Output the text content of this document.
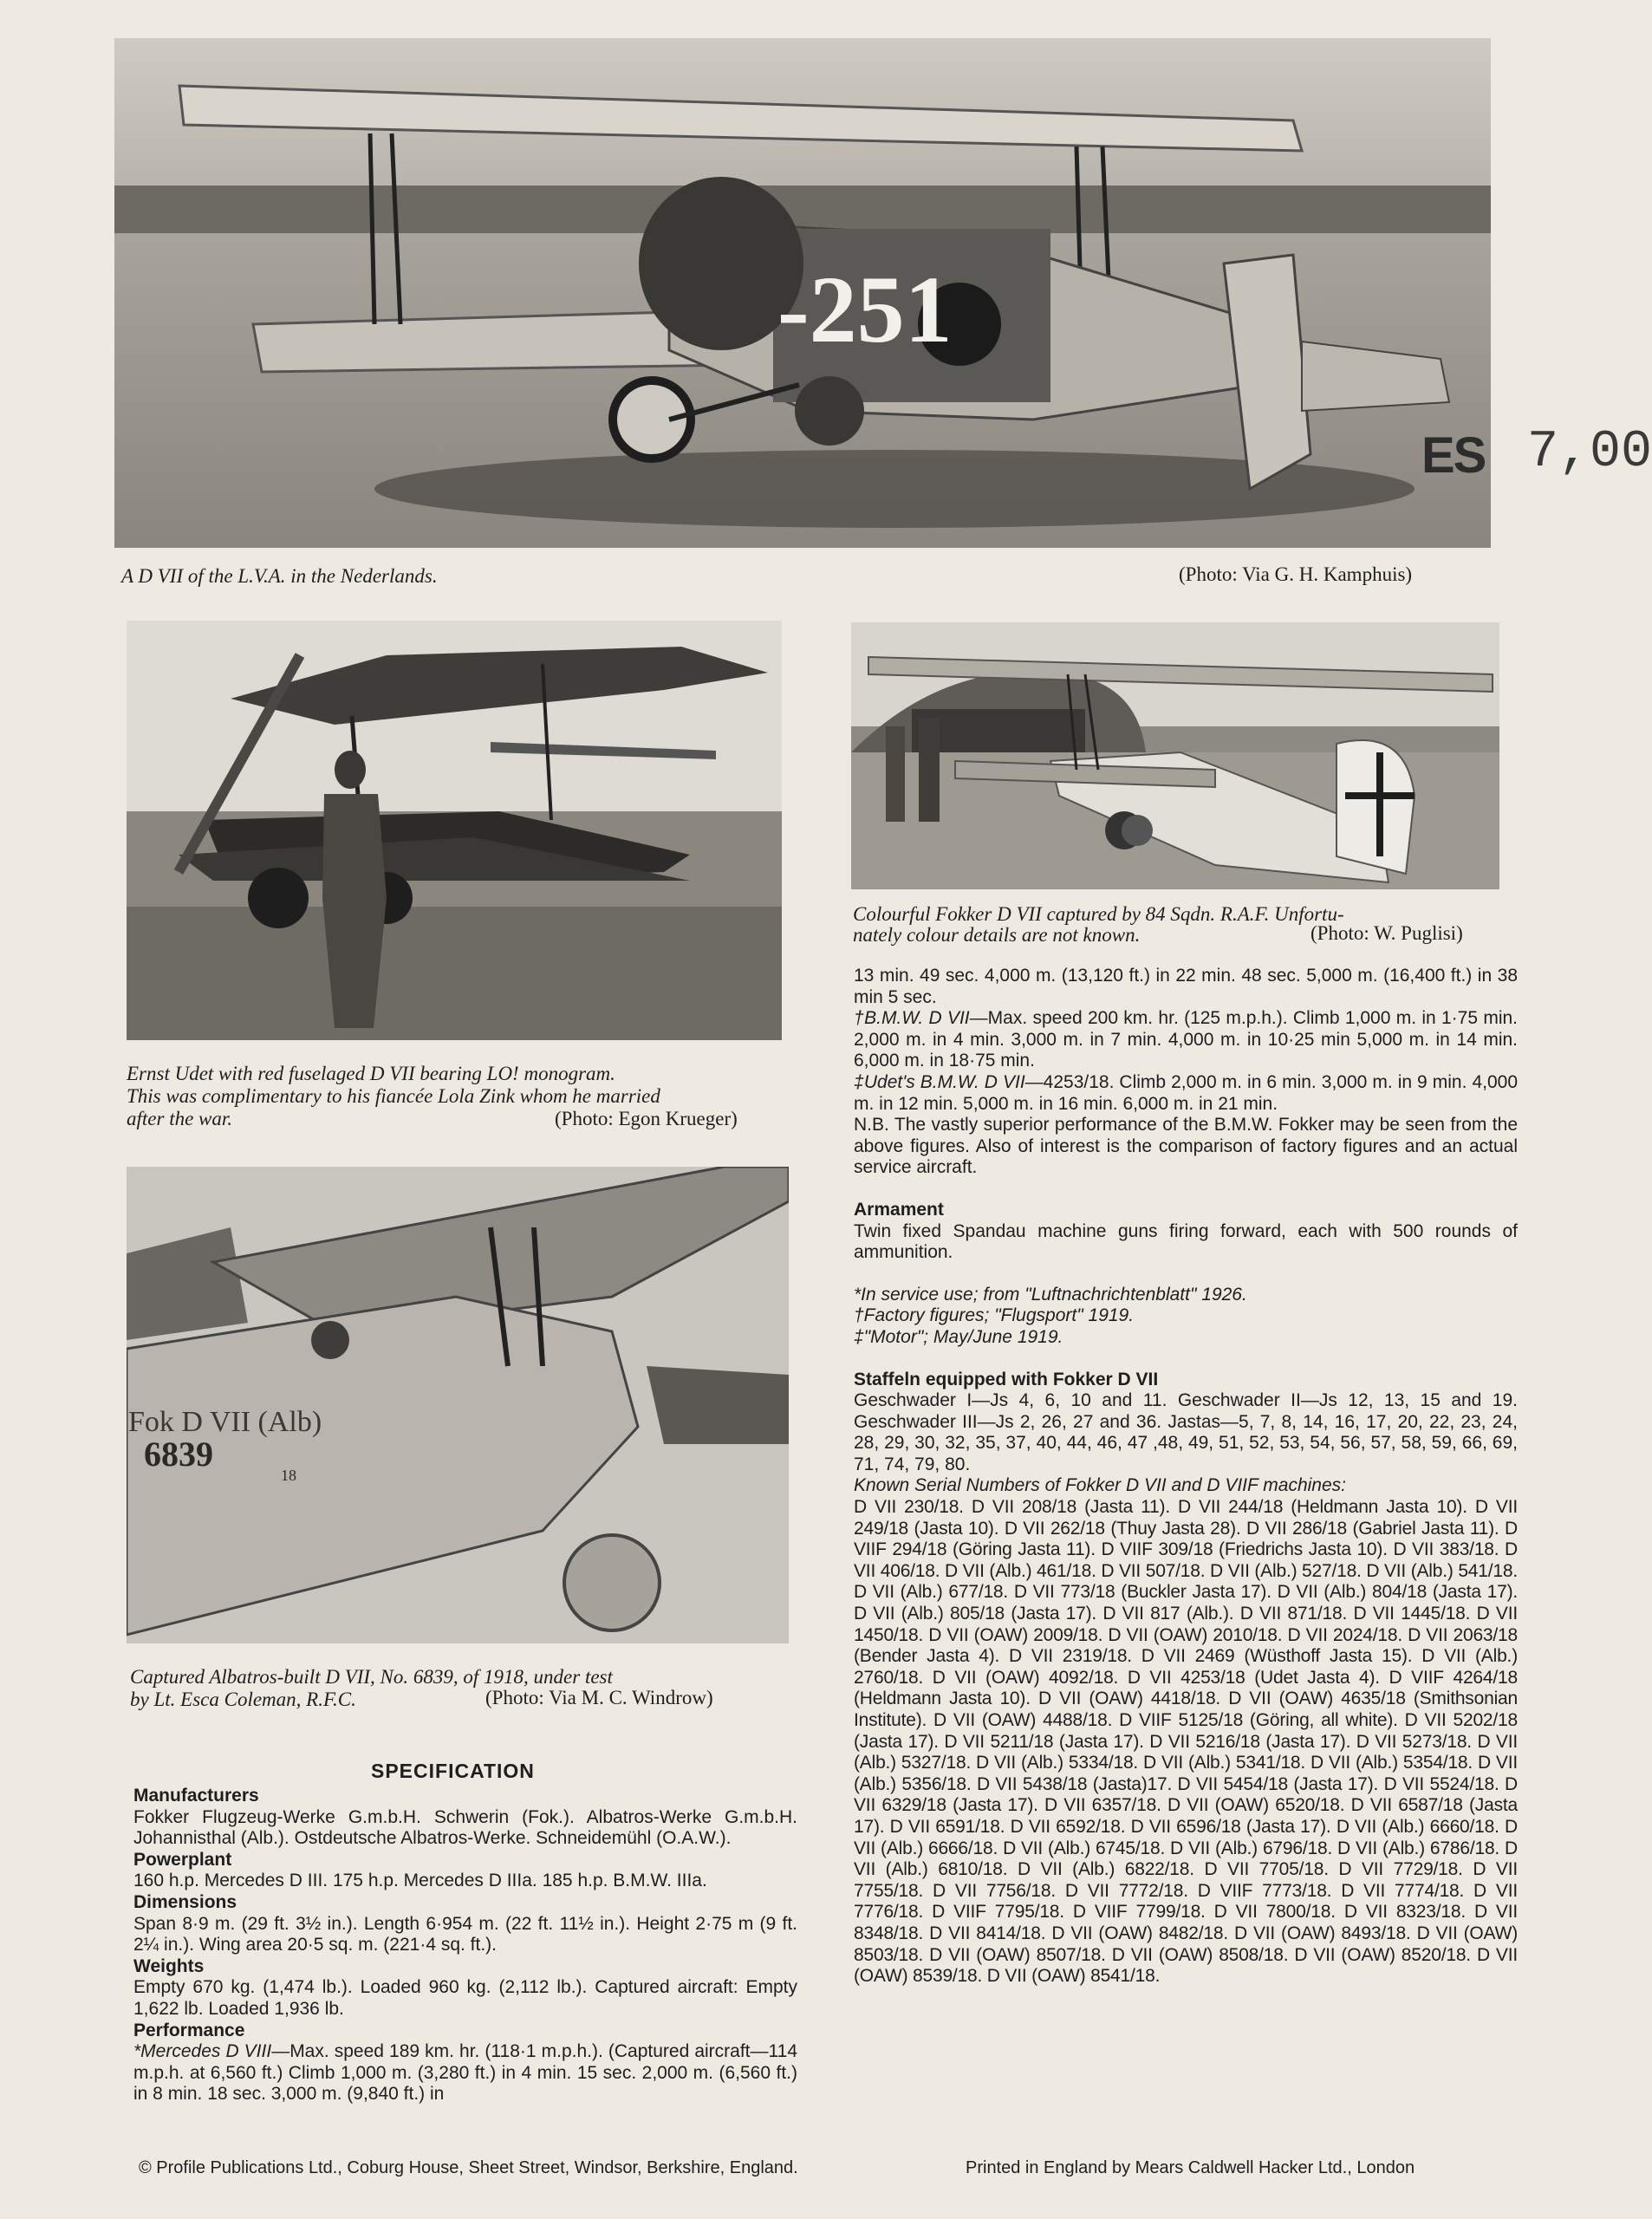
-251
A D VII of the L.V.A. in the Nederlands.	(Photo: Via G. H. Kamphuis)
ES 7,00
Ernst Udet with red fuselaged D VII bearing LO! monogram.
This was complimentary to his fiancée Lola Zink whom he married
after the war.	(Photo: Egon Krueger)
Colourful Fokker D VII captured by 84 Sqdn. R.A.F. Unfortu-
nately colour details are not known.	(Photo: W. Puglisi)
Fok D VII (Alb)
6839
18
Captured Albatros-built D VII, No. 6839, of 1918, under test
by Lt. Esca Coleman, R.F.C.	(Photo: Via M. C. Windrow)
SPECIFICATION

Manufacturers

Fokker Flugzeug-Werke G.m.b.H. Schwerin (Fok.). Albatros-Werke G.m.b.H. Johannisthal (Alb.). Ostdeutsche Albatros-Werke. Schneidemühl (O.A.W.).

Powerplant

160 h.p. Mercedes D III. 175 h.p. Mercedes D IIIa. 185 h.p. B.M.W. IIIa.

Dimensions

Span 8·9 m. (29 ft. 3½ in.). Length 6·954 m. (22 ft. 11½ in.). Height 2·75 m (9 ft. 2¼ in.). Wing area 20·5 sq. m. (221·4 sq. ft.).

Weights

Empty 670 kg. (1,474 lb.). Loaded 960 kg. (2,112 lb.). Captured aircraft: Empty 1,622 lb. Loaded 1,936 lb.

Performance

*Mercedes D VIII—Max. speed 189 km. hr. (118·1 m.p.h.). (Captured aircraft—114 m.p.h. at 6,560 ft.) Climb 1,000 m. (3,280 ft.) in 4 min. 15 sec. 2,000 m. (6,560 ft.) in 8 min. 18 sec. 3,000 m. (9,840 ft.) in

13 min. 49 sec. 4,000 m. (13,120 ft.) in 22 min. 48 sec. 5,000 m. (16,400 ft.) in 38 min 5 sec.

†B.M.W. D VII—Max. speed 200 km. hr. (125 m.p.h.). Climb 1,000 m. in 1·75 min. 2,000 m. in 4 min. 3,000 m. in 7 min. 4,000 m. in 10·25 min 5,000 m. in 14 min. 6,000 m. in 18·75 min.

‡Udet's B.M.W. D VII—4253/18. Climb 2,000 m. in 6 min. 3,000 m. in 9 min. 4,000 m. in 12 min. 5,000 m. in 16 min. 6,000 m. in 21 min.

N.B. The vastly superior performance of the B.M.W. Fokker may be seen from the above figures. Also of interest is the comparison of factory figures and an actual service aircraft.

Armament

Twin fixed Spandau machine guns firing forward, each with 500 rounds of ammunition.

*In service use; from "Luftnachrichtenblatt" 1926.

†Factory figures; "Flugsport" 1919.

‡"Motor"; May/June 1919.

Staffeln equipped with Fokker D VII

Geschwader I—Js 4, 6, 10 and 11. Geschwader II—Js 12, 13, 15 and 19. Geschwader III—Js 2, 26, 27 and 36. Jastas—5, 7, 8, 14, 16, 17, 20, 22, 23, 24, 28, 29, 30, 32, 35, 37, 40, 44, 46, 47 ,48, 49, 51, 52, 53, 54, 56, 57, 58, 59, 66, 69, 71, 74, 79, 80.

Known Serial Numbers of Fokker D VII and D VIIF machines:

D VII 230/18. D VII 208/18 (Jasta 11). D VII 244/18 (Heldmann Jasta 10). D VII 249/18 (Jasta 10). D VII 262/18 (Thuy Jasta 28). D VII 286/18 (Gabriel Jasta 11). D VIIF 294/18 (Göring Jasta 11). D VIIF 309/18 (Friedrichs Jasta 10). D VII 383/18. D VII 406/18. D VII (Alb.) 461/18. D VII 507/18. D VII (Alb.) 527/18. D VII (Alb.) 541/18. D VII (Alb.) 677/18. D VII 773/18 (Buckler Jasta 17). D VII (Alb.) 804/18 (Jasta 17). D VII (Alb.) 805/18 (Jasta 17). D VII 817 (Alb.). D VII 871/18. D VII 1445/18. D VII 1450/18. D VII (OAW) 2009/18. D VII (OAW) 2010/18. D VII 2024/18. D VII 2063/18 (Bender Jasta 4). D VII 2319/18. D VII 2469 (Wüsthoff Jasta 15). D VII (Alb.) 2760/18. D VII (OAW) 4092/18. D VII 4253/18 (Udet Jasta 4). D VIIF 4264/18 (Heldmann Jasta 10). D VII (OAW) 4418/18. D VII (OAW) 4635/18 (Smithsonian Institute). D VII (OAW) 4488/18. D VIIF 5125/18 (Göring, all white). D VII 5202/18 (Jasta 17). D VII 5211/18 (Jasta 17). D VII 5216/18 (Jasta 17). D VII 5273/18. D VII (Alb.) 5327/18. D VII (Alb.) 5334/18. D VII (Alb.) 5341/18. D VII (Alb.) 5354/18. D VII (Alb.) 5356/18. D VII 5438/18 (Jasta)17. D VII 5454/18 (Jasta 17). D VII 5524/18. D VII 6329/18 (Jasta 17). D VII 6357/18. D VII (OAW) 6520/18. D VII 6587/18 (Jasta 17). D VII 6591/18. D VII 6592/18. D VII 6596/18 (Jasta 17). D VII (Alb.) 6660/18. D VII (Alb.) 6666/18. D VII (Alb.) 6745/18. D VII (Alb.) 6796/18. D VII (Alb.) 6786/18. D VII (Alb.) 6810/18. D VII (Alb.) 6822/18. D VII 7705/18. D VII 7729/18. D VII 7755/18. D VII 7756/18. D VII 7772/18. D VIIF 7773/18. D VII 7774/18. D VII 7776/18. D VIIF 7795/18. D VIIF 7799/18. D VII 7800/18. D VII 8323/18. D VII 8348/18. D VII 8414/18. D VII (OAW) 8482/18. D VII (OAW) 8493/18. D VII (OAW) 8503/18. D VII (OAW) 8507/18. D VII (OAW) 8508/18. D VII (OAW) 8520/18. D VII (OAW) 8539/18. D VII (OAW) 8541/18.

© Profile Publications Ltd., Coburg House, Sheet Street, Windsor, Berkshire, England.	Printed in England by Mears Caldwell Hacker Ltd., London
